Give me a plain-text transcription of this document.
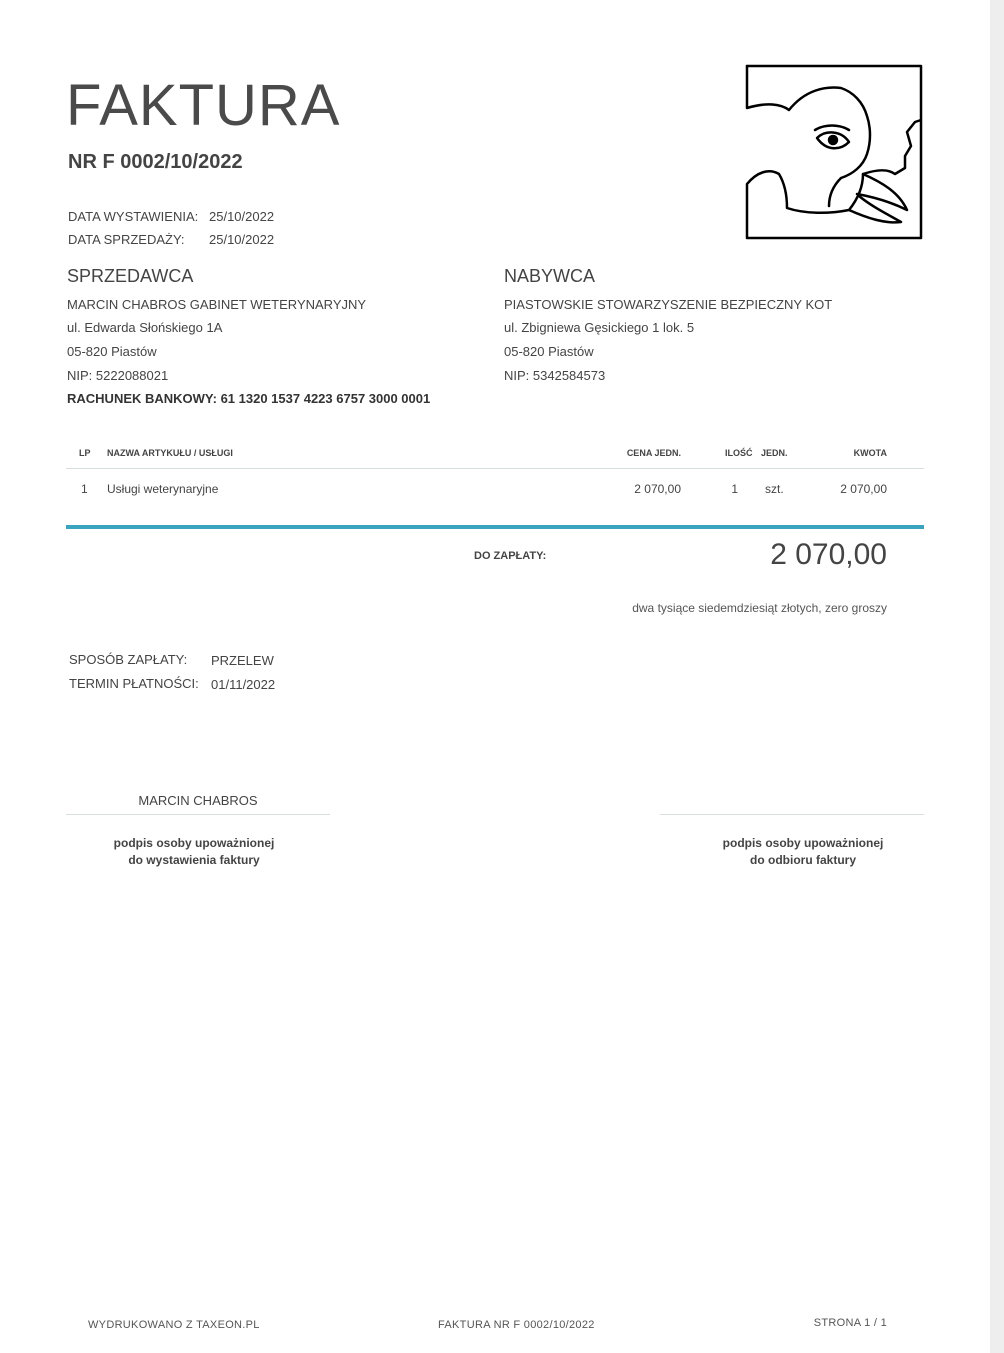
FAKTURA
NR F 0002/10/2022
DATA WYSTAWIENIA: 25/10/2022
DATA SPRZEDAŻY: 25/10/2022
SPRZEDAWCA
MARCIN CHABROS GABINET WETERYNARYJNY
ul. Edwarda Słońskiego 1A
05-820 Piastów
NIP: 5222088021
RACHUNEK BANKOWY: 61 1320 1537 4223 6757 3000 0001
NABYWCA
PIASTOWSKIE STOWARZYSZENIE BEZPIECZNY KOT
ul. Zbigniewa Gęsickiego 1 lok. 5
05-820 Piastów
NIP: 5342584573
LP NAZWA ARTYKUŁU / USŁUGI	CENA JEDN.	ILOŚĆ JEDN.	KWOTA
1 Usługi weterynaryjne	2 070,00	1 szt.	2 070,00
DO ZAPŁATY:	2 070,00
dwa tysiące siedemdziesiąt złotych, zero groszy
SPOSÓB ZAPŁATY: PRZELEW
TERMIN PŁATNOŚCI: 01/11/2022
MARCIN CHABROS
podpis osoby upoważnionej
do wystawienia faktury
podpis osoby upoważnionej
do odbioru faktury
WYDRUKOWANO Z TAXEON.PL	FAKTURA NR F 0002/10/2022	STRONA 1 / 1
